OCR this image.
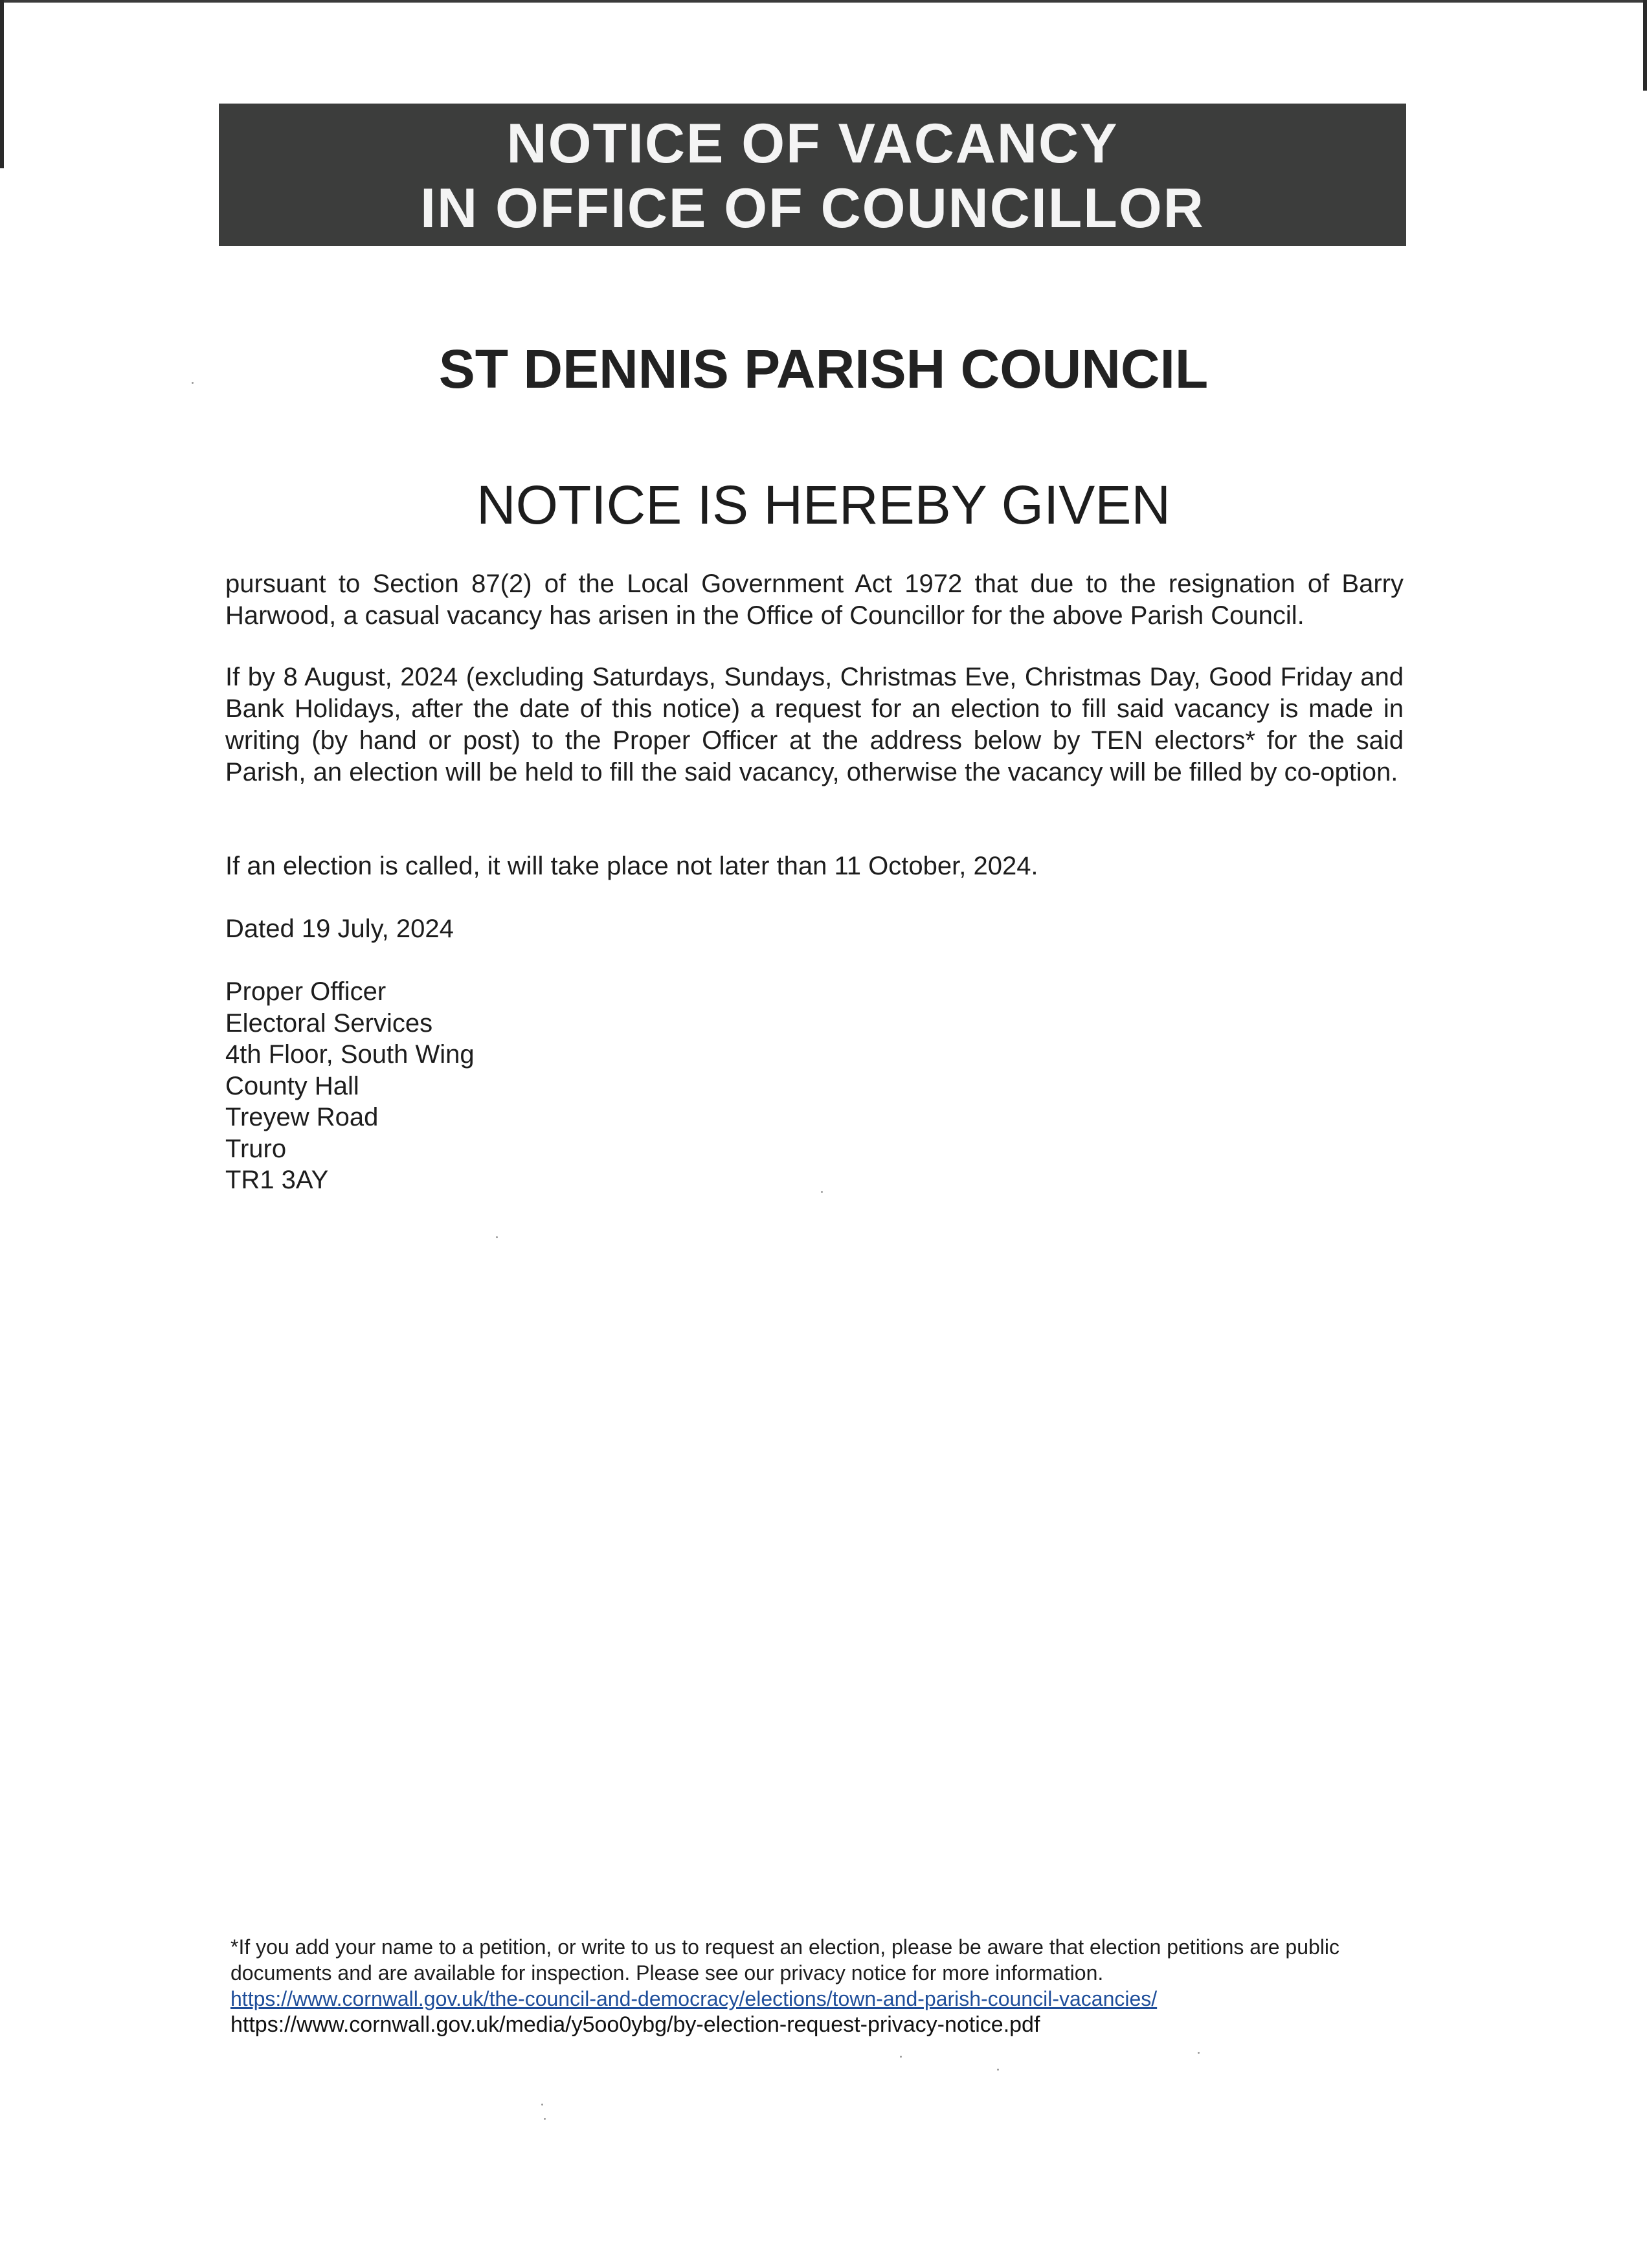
NOTICE OF VACANCY
IN OFFICE OF COUNCILLOR
ST DENNIS PARISH COUNCIL
NOTICE IS HEREBY GIVEN
pursuant to Section 87(2) of the Local Government Act 1972 that due to the resignation of Barry Harwood, a casual vacancy has arisen in the Office of Councillor for the above Parish Council.
If by 8 August, 2024 (excluding Saturdays, Sundays, Christmas Eve, Christmas Day, Good Friday and Bank Holidays, after the date of this notice) a request for an election to fill said vacancy is made in writing (by hand or post) to the Proper Officer at the address below by TEN electors* for the said Parish, an election will be held to fill the said vacancy, otherwise the vacancy will be filled by co-option.
If an election is called, it will take place not later than 11 October, 2024.
Dated 19 July, 2024
Proper Officer
Electoral Services
4th Floor, South Wing
County Hall
Treyew Road
Truro
TR1 3AY
*If you add your name to a petition, or write to us to request an election, please be aware that election petitions are public documents and are available for inspection. Please see our privacy notice for more information.
https://www.cornwall.gov.uk/the-council-and-democracy/elections/town-and-parish-council-vacancies/
https://www.cornwall.gov.uk/media/y5oo0ybg/by-election-request-privacy-notice.pdf
